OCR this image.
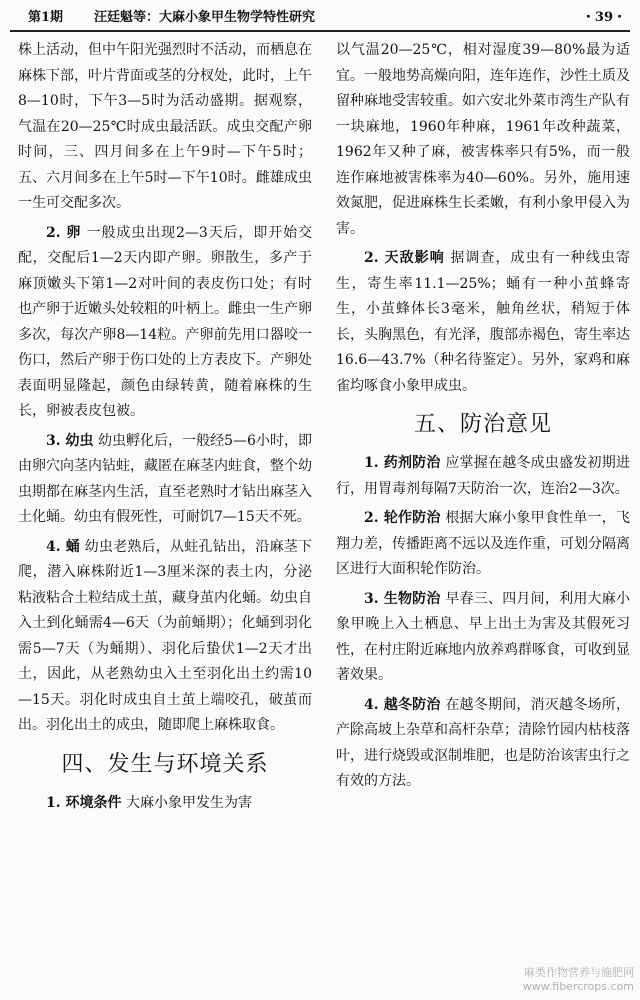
第1期 汪廷魁等：大麻小象甲生物学特性研究	・39・

株上活动，但中午阳光强烈时不活动，而栖息在麻株下部，叶片背面或茎的分杈处，此时，上午8—10时，下午3—5时为活动盛期。据观察，气温在20—25℃时成虫最活跃。成虫交配产卵时间，三、四月间多在上午9时—下午5时；五、六月间多在上午5时—下午10时。雌雄成虫一生可交配多次。

2. 卵 一般成虫出现2—3天后，即开始交配，交配后1—2天内即产卵。卵散生，多产于麻顶嫩头下第1—2对叶间的表皮伤口处；有时也产卵于近嫩头处较粗的叶柄上。雌虫一生产卵多次，每次产卵8—14粒。产卵前先用口器咬一伤口，然后产卵于伤口处的上方表皮下。产卵处表面明显隆起，颜色由绿转黄，随着麻株的生长，卵被表皮包被。

3. 幼虫 幼虫孵化后，一般经5—6小时，即由卵穴向茎内钻蛀，藏匿在麻茎内蛀食，整个幼虫期都在麻茎内生活，直至老熟时才钻出麻茎入土化蛹。幼虫有假死性，可耐饥7—15天不死。

4. 蛹 幼虫老熟后，从蛀孔钻出，沿麻茎下爬，潜入麻株附近1—3厘米深的表土内，分泌粘液粘合土粒结成土茧，藏身茧内化蛹。幼虫自入土到化蛹需4—6天（为前蛹期）；化蛹到羽化需5—7天（为蛹期）、羽化后蛰伏1—2天才出土，因此，从老熟幼虫入土至羽化出土约需10—15天。羽化时成虫自土茧上端咬孔，破茧而出。羽化出土的成虫，随即爬上麻株取食。

四、发生与环境关系

1. 环境条件 大麻小象甲发生为害

以气温20—25℃，相对湿度39—80%最为适宜。一般地势高燥向阳，连年连作，沙性土质及留种麻地受害较重。如六安北外菜市湾生产队有一块麻地，1960年种麻，1961年改种蔬菜，1962年又种了麻，被害株率只有5%，而一般连作麻地被害株率为40—60%。另外，施用速效氮肥，促进麻株生长柔嫩，有利小象甲侵入为害。

2. 天敌影响 据调查，成虫有一种线虫寄生，寄生率11.1—25%；蛹有一种小茧蜂寄生，小茧蜂体长3毫米，触角丝状，稍短于体长，头胸黑色，有光泽，腹部赤褐色，寄生率达16.6—43.7%（种名待鉴定）。另外，家鸡和麻雀均啄食小象甲成虫。

五、防治意见

1. 药剂防治 应掌握在越冬成虫盛发初期进行，用胃毒剂每隔7天防治一次，连治2—3次。

2. 轮作防治 根据大麻小象甲食性单一，飞翔力差，传播距离不远以及连作重，可划分隔离区进行大面积轮作防治。

3. 生物防治 早春三、四月间，利用大麻小象甲晚上入土栖息、早上出土为害及其假死习性，在村庄附近麻地内放养鸡群啄食，可收到显著效果。

4. 越冬防治 在越冬期间，消灭越冬场所，产除高坡上杂草和高杆杂草；清除竹园内枯枝落叶，进行烧毁或沤制堆肥，也是防治该害虫行之有效的方法。

麻类作物营养与施肥网
www.fibercrops.com
